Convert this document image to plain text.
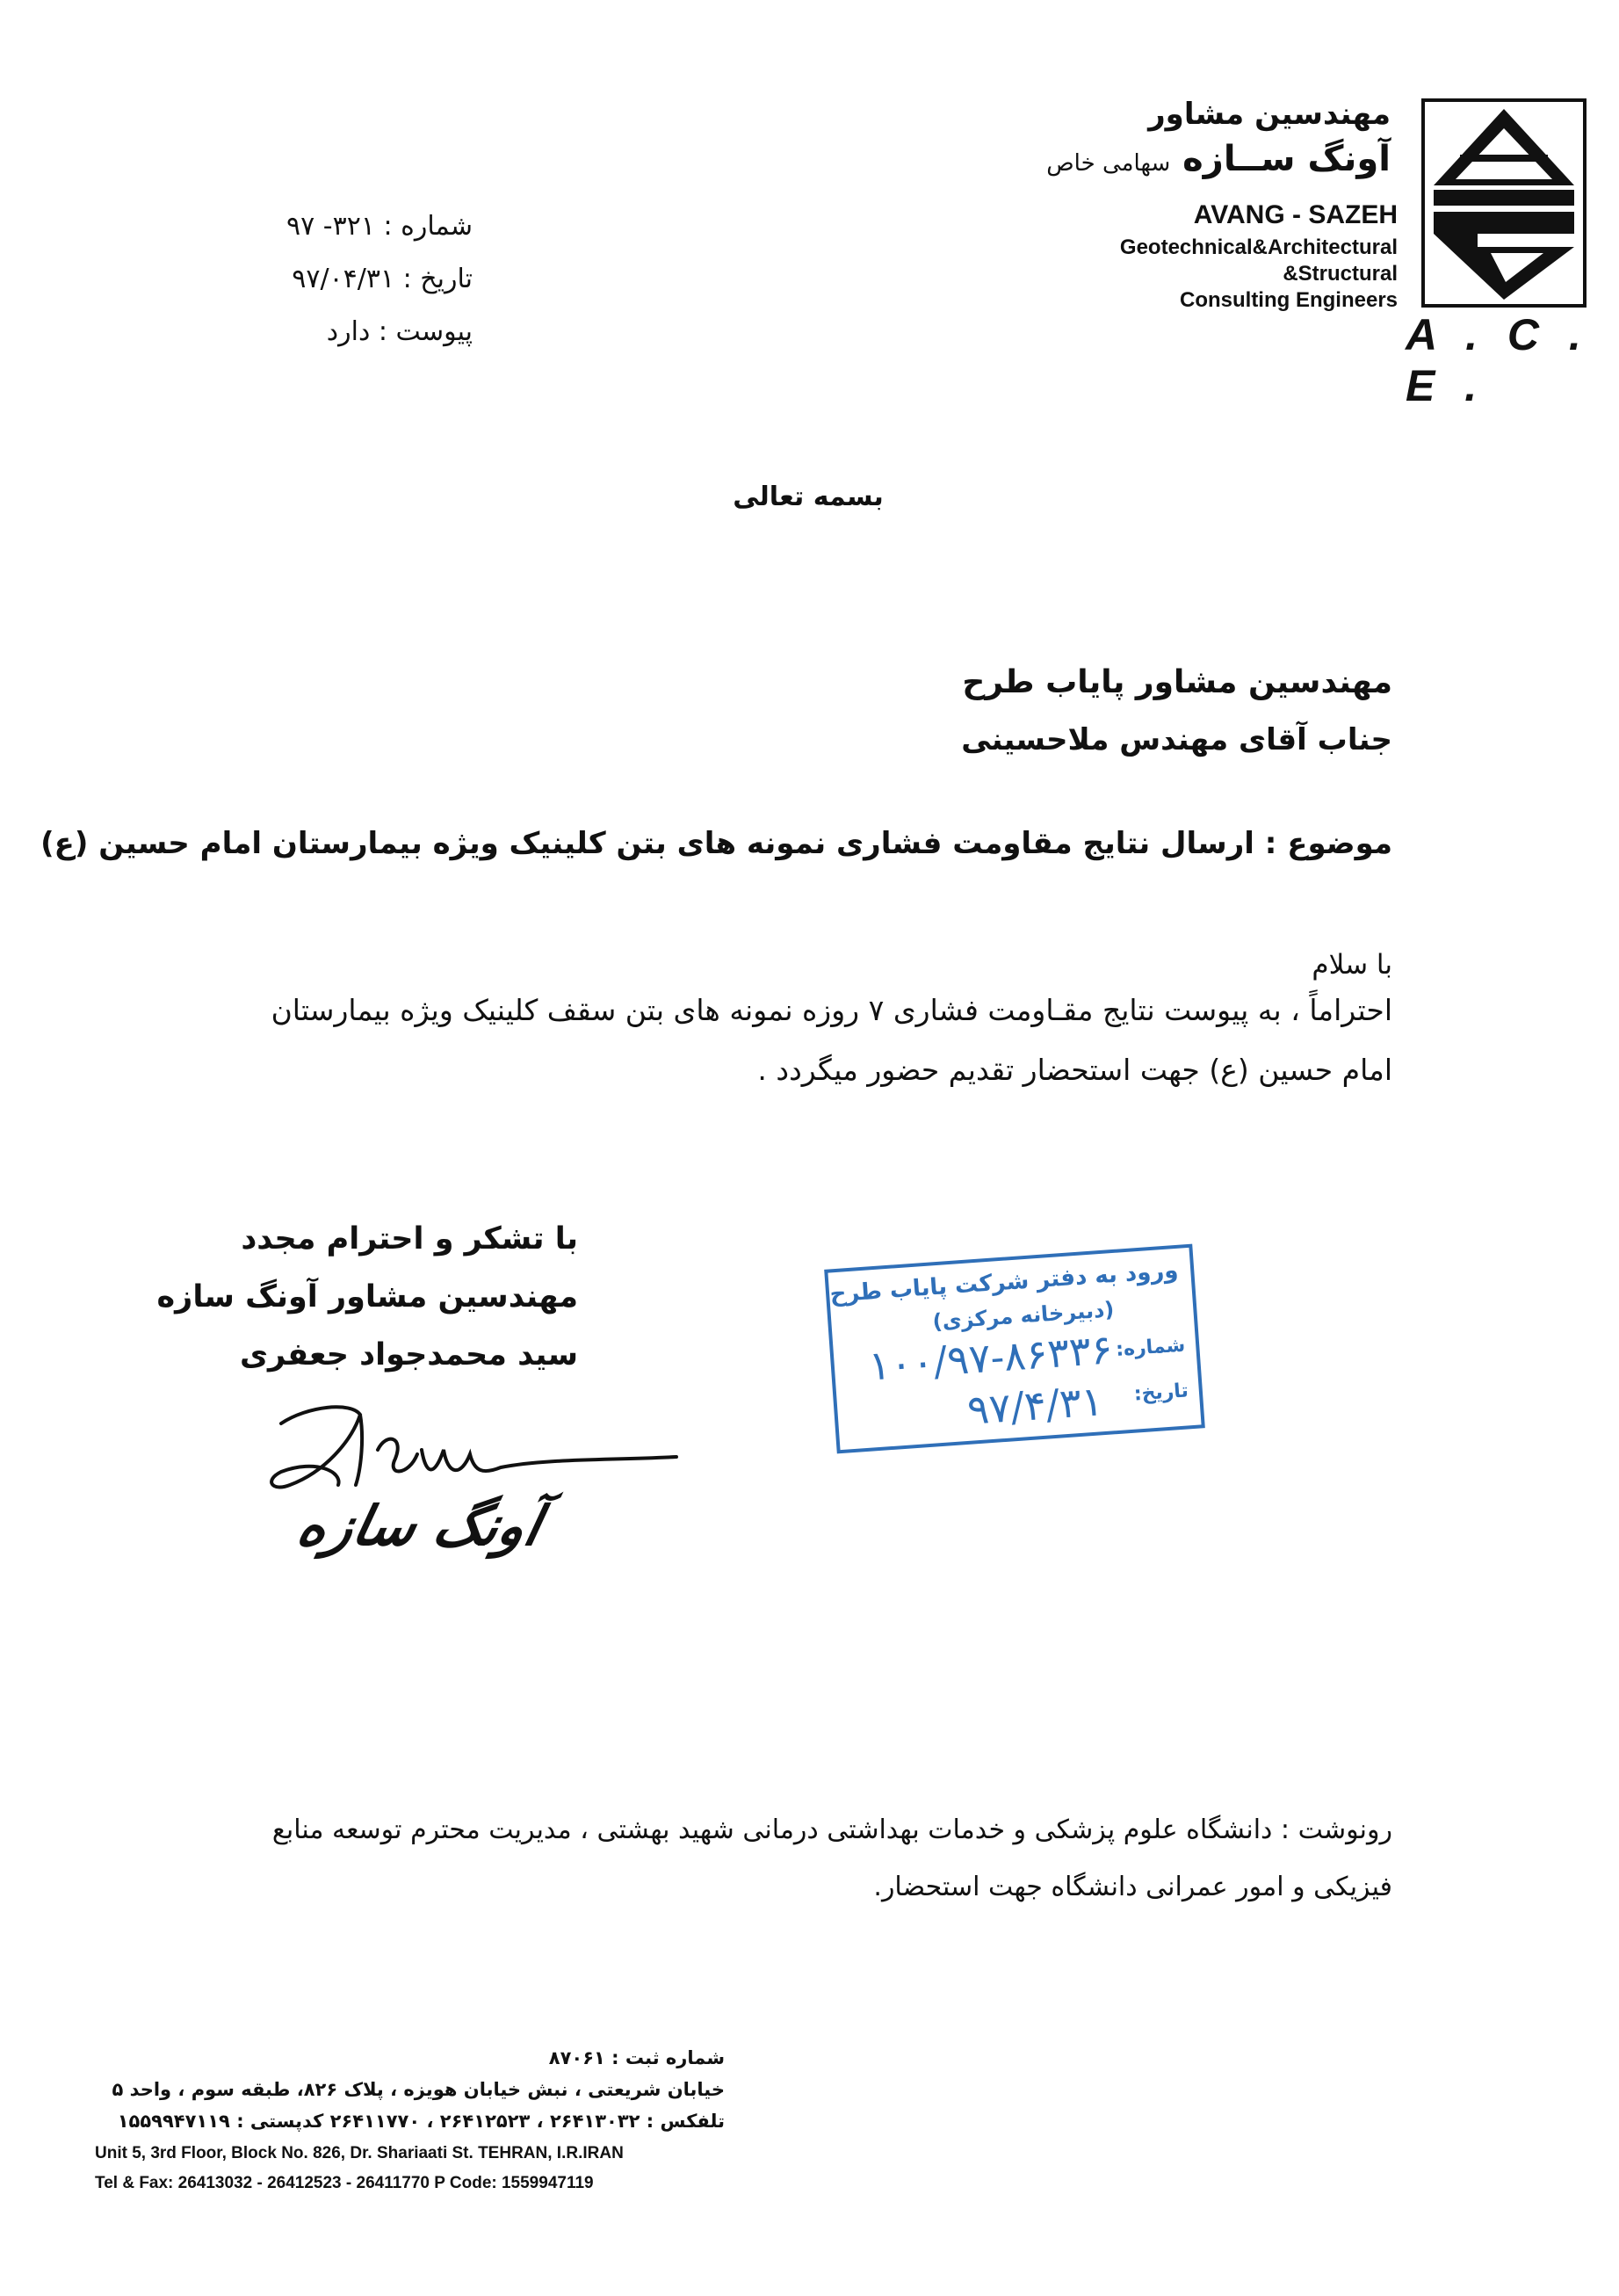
A . C . E .
مهندسین مشاور
آونگ ســازه سهامی خاص
AVANG - SAZEH
Geotechnical&Architectural
&Structural
Consulting Engineers
شماره : ۳۲۱- ۹۷
تاریخ : ۹۷/۰۴/۳۱
پیوست : دارد
بسمه تعالی
مهندسین مشاور پایاب طرح
جناب آقای مهندس ملاحسینی
موضوع : ارسال نتایج مقاومت فشاری نمونه های بتن کلینیک ویژه بیمارستان امام حسین (ع)
با سلام
احتراماً ، به پیوست نتایج مقـاومت فشاری ۷ روزه نمونه های بتن سقف کلینیک ویژه بیمارستان
امام حسین (ع) جهت استحضار تقدیم حضور میگردد .
با تشکر و احترام مجدد
مهندسین مشاور آونگ سازه
سید محمدجواد جعفری
آونگ سازه
ورود به دفتر شرکت پایاب طرح
(دبیرخانه مرکزی)
شماره:
۱۰۰/۹۷-۸۶۳۳۶
تاریخ:
۹۷/۴/۳۱
رونوشت : دانشگاه علوم پزشکی و خدمات بهداشتی درمانی شهید بهشتی ، مدیریت محترم توسعه منابع
فیزیکی و امور عمرانی دانشگاه جهت استحضار.
شماره ثبت : ۸۷۰۶۱
خیابان شریعتی ، نبش خیابان هویزه ، پلاک ۸۲۶، طبقه سوم ، واحد ۵
تلفکس : ۲۶۴۱۳۰۳۲ ، ۲۶۴۱۲۵۲۳ ، ۲۶۴۱۱۷۷۰ کدپستی : ۱۵۵۹۹۴۷۱۱۹
Unit 5, 3rd Floor, Block No. 826, Dr. Shariaati St. TEHRAN, I.R.IRAN
Tel & Fax: 26413032 - 26412523 - 26411770 P Code: 1559947119
